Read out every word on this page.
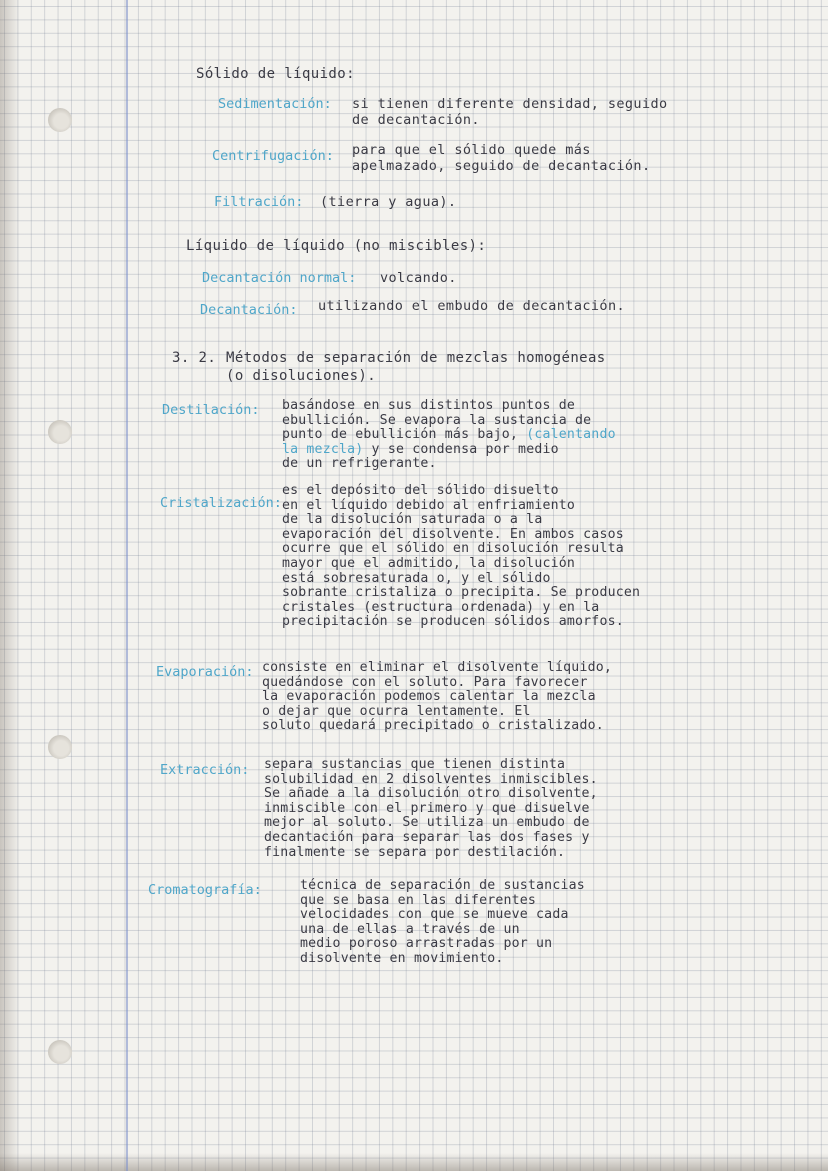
Sólido de líquido:

Sedimentación: si tienen diferente densidad, seguido

de decantación.

Centrifugación: para que el sólido quede más

apelmazado, seguido de decantación.

Filtración: (tierra y agua).

Líquido de líquido (no miscibles):

Decantación normal: volcando.

Decantación: utilizando el embudo de decantación.

3. 2. Métodos de separación de mezclas homogéneas

(o disoluciones).

Destilación: basándose en sus distintos puntos de
ebullición. Se evapora la sustancia de
punto de ebullición más bajo, (calentando
la mezcla) y se condensa por medio
de un refrigerante.

Cristalización:

es el depósito del sólido disuelto
en el líquido debido al enfriamiento
de la disolución saturada o a la
evaporación del disolvente. En ambos casos
ocurre que el sólido en disolución resulta
mayor que el admitido, la disolución
está sobresaturada o, y el sólido
sobrante cristaliza o precipita. Se producen
cristales (estructura ordenada) y en la
precipitación se producen sólidos amorfos.

Evaporación: consiste en eliminar el disolvente líquido,
quedándose con el soluto. Para favorecer
la evaporación podemos calentar la mezcla
o dejar que ocurra lentamente. El
soluto quedará precipitado o cristalizado.

Extracción: separa sustancias que tienen distinta
solubilidad en 2 disolventes inmiscibles.
Se añade a la disolución otro disolvente,
inmiscible con el primero y que disuelve
mejor al soluto. Se utiliza un embudo de
decantación para separar las dos fases y
finalmente se separa por destilación.

Cromatografía:	técnica de separación de sustancias
que se basa en las diferentes
velocidades con que se mueve cada
una de ellas a través de un
medio poroso arrastradas por un
disolvente en movimiento.
